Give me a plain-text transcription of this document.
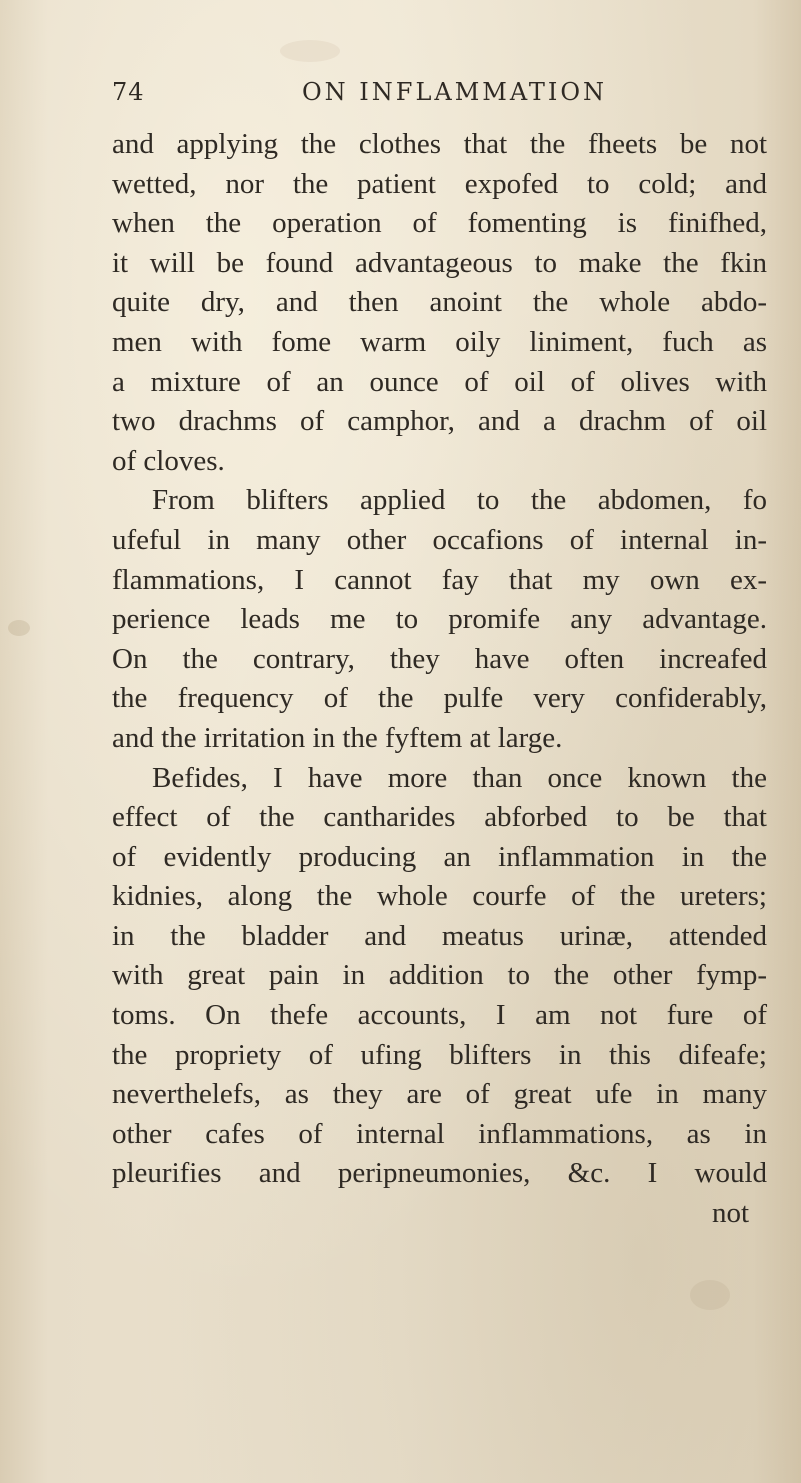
74	ON INFLAMMATION
and applying the clothes that the fheets be not
wetted, nor the patient expofed to cold; and
when the operation of fomenting is finifhed,
it will be found advantageous to make the fkin
quite dry, and then anoint the whole abdo-
men with fome warm oily liniment, fuch as
a mixture of an ounce of oil of olives with
two drachms of camphor, and a drachm of oil
of cloves.
From blifters applied to the abdomen, fo
ufeful in many other occafions of internal in-
flammations, I cannot fay that my own ex-
perience leads me to promife any advantage.
On the contrary, they have often increafed
the frequency of the pulfe very confiderably,
and the irritation in the fyftem at large.
Befides, I have more than once known the
effect of the cantharides abforbed to be that
of evidently producing an inflammation in the
kidnies, along the whole courfe of the ureters;
in the bladder and meatus urinæ, attended
with great pain in addition to the other fymp-
toms. On thefe accounts, I am not fure of
the propriety of ufing blifters in this difeafe;
neverthelefs, as they are of great ufe in many
other cafes of internal inflammations, as in
pleurifies and peripneumonies, &c. I would
not
